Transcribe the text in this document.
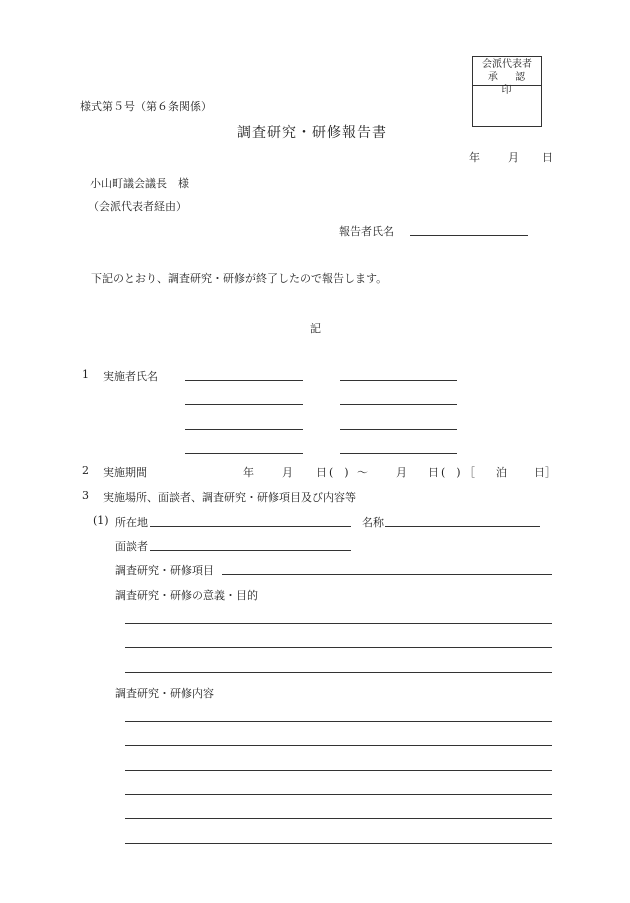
会派代表者
承 認 印
様式第５号（第６条関係）
調査研究・研修報告書
年	月 日
小山町議会議長　様
（会派代表者経由）
報告者氏名
下記のとおり、調査研究・研修が終了したので報告します。
記
1 実施者氏名
2 実施期間	年	月 日 (　) ～	月 日 (　) ［ 泊 日］
3 実施場所、面談者、調査研究・研修項目及び内容等
(1) 所在地	名称
面談者
調査研究・研修項目
調査研究・研修の意義・目的
調査研究・研修内容
